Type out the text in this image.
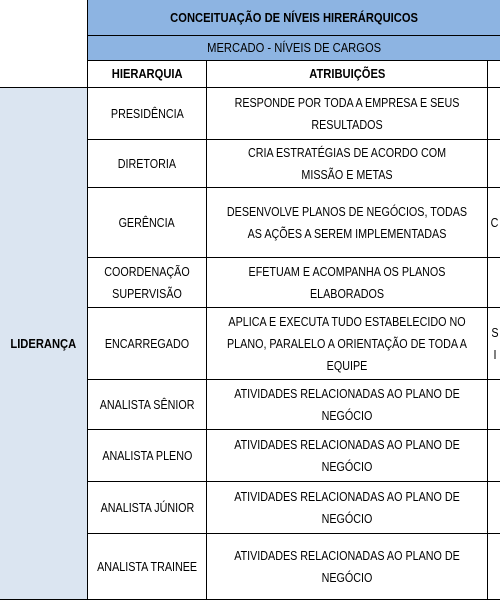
CONCEITUAÇÃO DE NÍVEIS HIRERÁRQUICOS
MERCADO - NÍVEIS DE CARGOS
HIERARQUIA	ATRIBUIÇÕES
LIDERANÇA
PRESIDÊNCIA
RESPONDE POR TODA A EMPRESA E SEUS RESULTADOS
DIRETORIA
CRIA ESTRATÉGIAS DE ACORDO COM MISSÃO E METAS
GERÊNCIA
DESENVOLVE PLANOS DE NEGÓCIOS, TODAS AS AÇÕES A SEREM IMPLEMENTADAS
C
COORDENAÇÃO SUPERVISÃO
EFETUAM E ACOMPANHA OS PLANOS ELABORADOS
ENCARREGADO
APLICA E EXECUTA TUDO ESTABELECIDO NO PLANO, PARALELO A ORIENTAÇÃO DE TODA A EQUIPE
S I
ANALISTA SÊNIOR
ATIVIDADES RELACIONADAS AO PLANO DE NEGÓCIO
ANALISTA PLENO
ATIVIDADES RELACIONADAS AO PLANO DE NEGÓCIO
ANALISTA JÚNIOR
ATIVIDADES RELACIONADAS AO PLANO DE NEGÓCIO
ANALISTA TRAINEE
ATIVIDADES RELACIONADAS AO PLANO DE NEGÓCIO
